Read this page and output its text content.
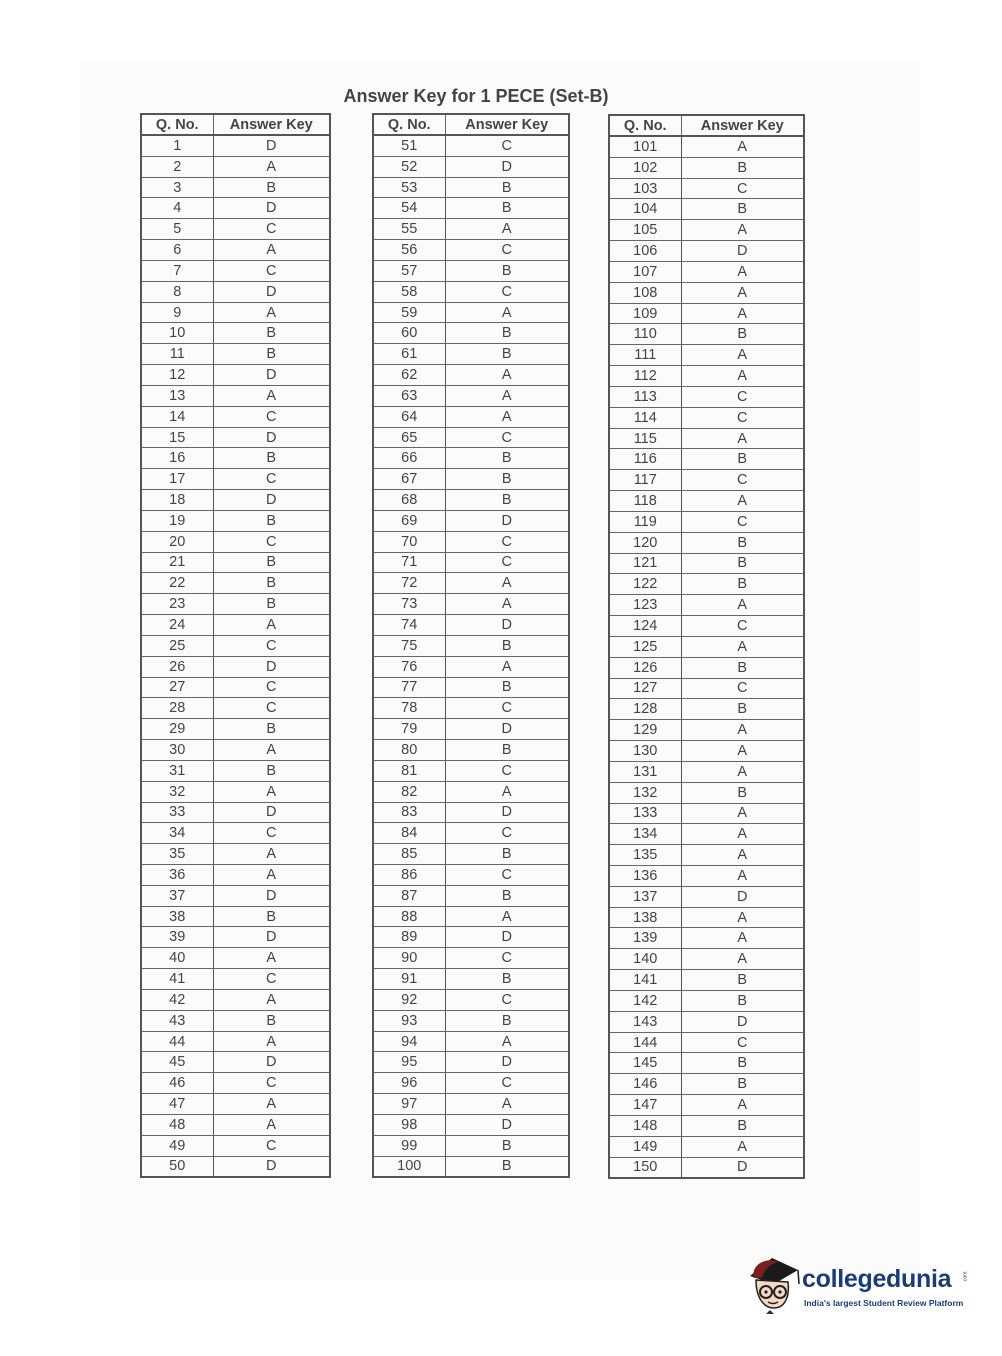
Answer Key for 1 PECE (Set-B)
Q. No.	Answer Key
1	D
2	A
3	B
4	D
5	C
6	A
7	C
8	D
9	A
10	B
11	B
12	D
13	A
14	C
15	D
16	B
17	C
18	D
19	B
20	C
21	B
22	B
23	B
24	A
25	C
26	D
27	C
28	C
29	B
30	A
31	B
32	A
33	D
34	C
35	A
36	A
37	D
38	B
39	D
40	A
41	C
42	A
43	B
44	A
45	D
46	C
47	A
48	A
49	C
50	D
Q. No.	Answer Key
51	C
52	D
53	B
54	B
55	A
56	C
57	B
58	C
59	A
60	B
61	B
62	A
63	A
64	A
65	C
66	B
67	B
68	B
69	D
70	C
71	C
72	A
73	A
74	D
75	B
76	A
77	B
78	C
79	D
80	B
81	C
82	A
83	D
84	C
85	B
86	C
87	B
88	A
89	D
90	C
91	B
92	C
93	B
94	A
95	D
96	C
97	A
98	D
99	B
100	B
Q. No.	Answer Key
101	A
102	B
103	C
104	B
105	A
106	D
107	A
108	A
109	A
110	B
111	A
112	A
113	C
114	C
115	A
116	B
117	C
118	A
119	C
120	B
121	B
122	B
123	A
124	C
125	A
126	B
127	C
128	B
129	A
130	A
131	A
132	B
133	A
134	A
135	A
136	A
137	D
138	A
139	A
140	A
141	B
142	B
143	D
144	C
145	B
146	B
147	A
148	B
149	A
150	D
collegedunia .com
India's largest Student Review Platform
